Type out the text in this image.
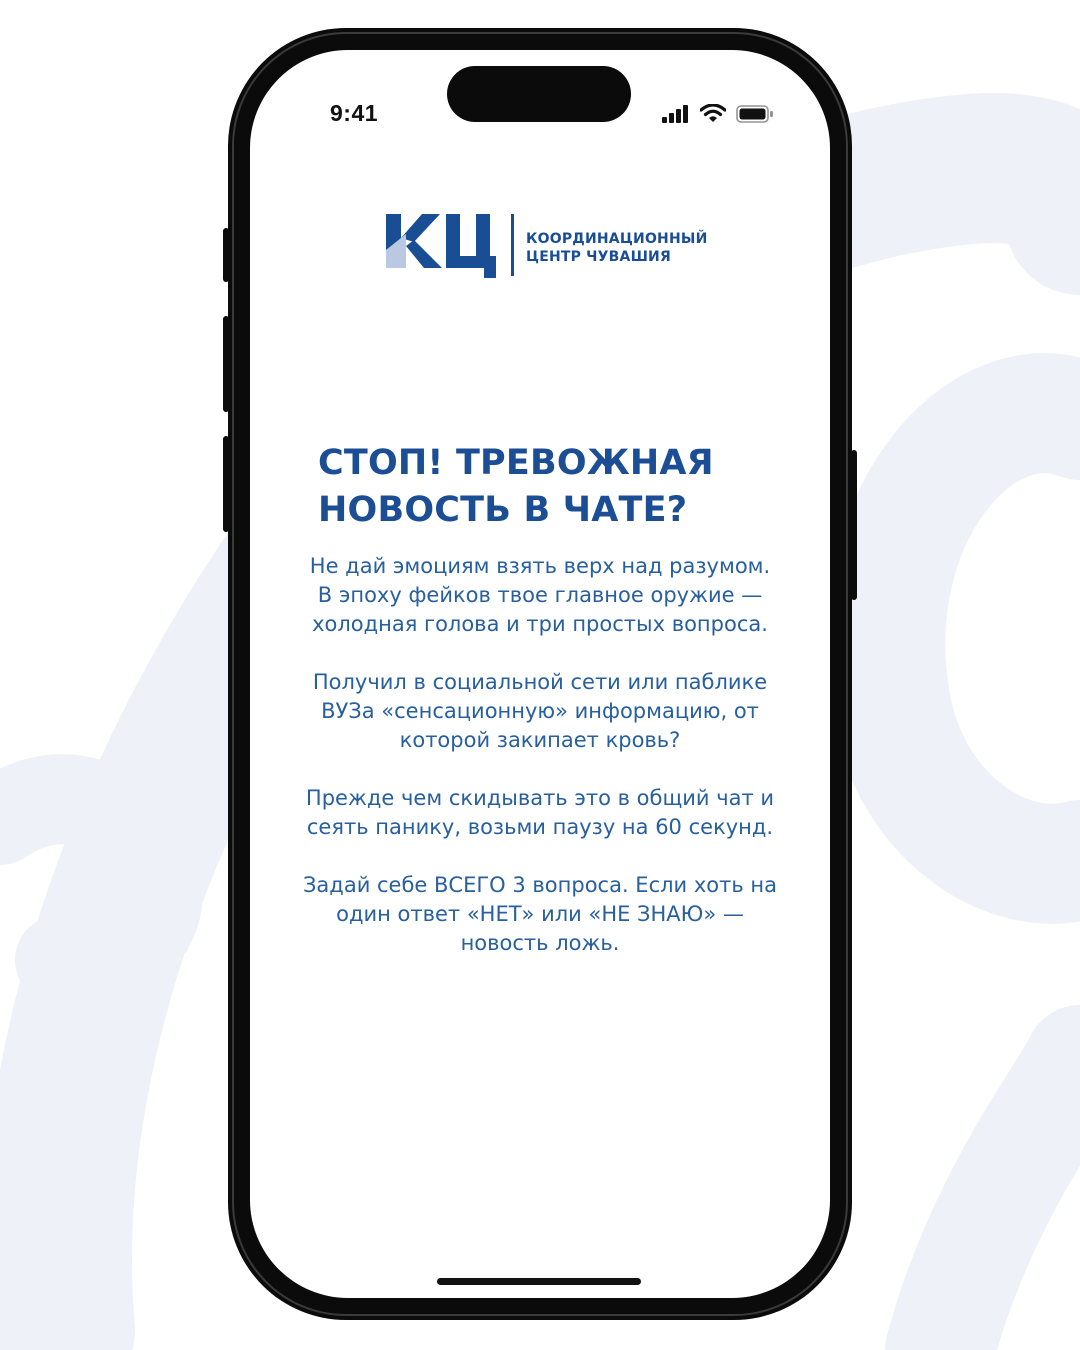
9:41
КООРДИНАЦИОННЫЙ
ЦЕНТР ЧУВАШИЯ
СТОП! ТРЕВОЖНАЯ
НОВОСТЬ В ЧАТЕ?
Не дай эмоциям взять верх над разумом.
В эпоху фейков твое главное оружие —
холодная голова и три простых вопроса.
Получил в социальной сети или паблике
ВУЗа «сенсационную» информацию, от
которой закипает кровь?
Прежде чем скидывать это в общий чат и
сеять панику, возьми паузу на 60 секунд.
Задай себе ВСЕГО 3 вопроса. Если хоть на
один ответ «НЕТ» или «НЕ ЗНАЮ» —
новость ложь.
